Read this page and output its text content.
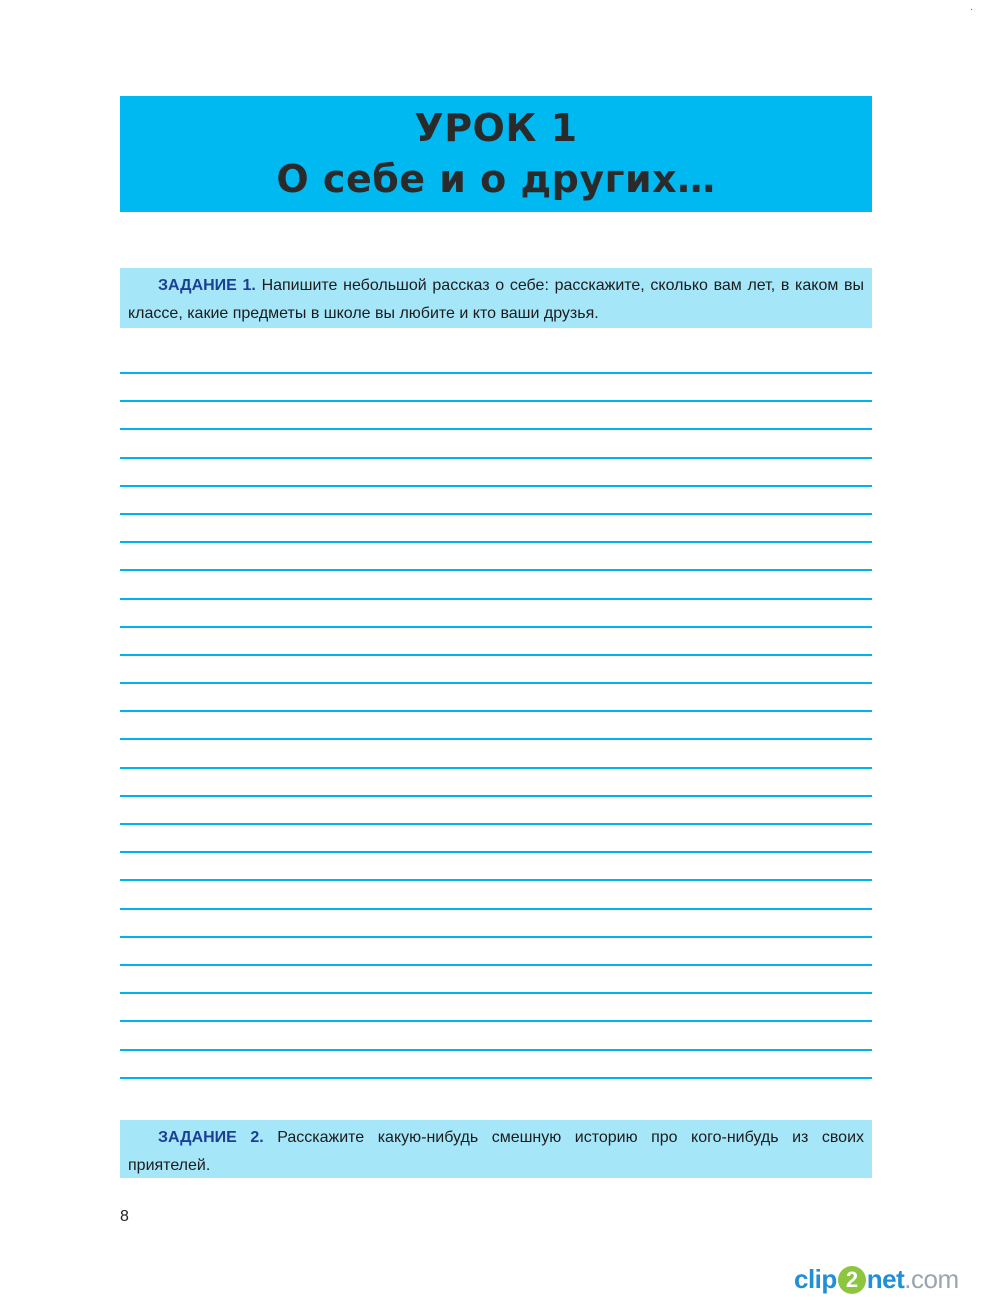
·
УРОК 1
О себе и о других…
ЗАДАНИЕ 1. Напишите небольшой рассказ о себе: расскажите, сколько вам лет, в каком вы классе, какие предметы в школе вы любите и кто ваши друзья.
ЗАДАНИЕ 2. Расскажите какую-нибудь смешную историю про кого-нибудь из своих приятелей.
8
clip 2 net.com
